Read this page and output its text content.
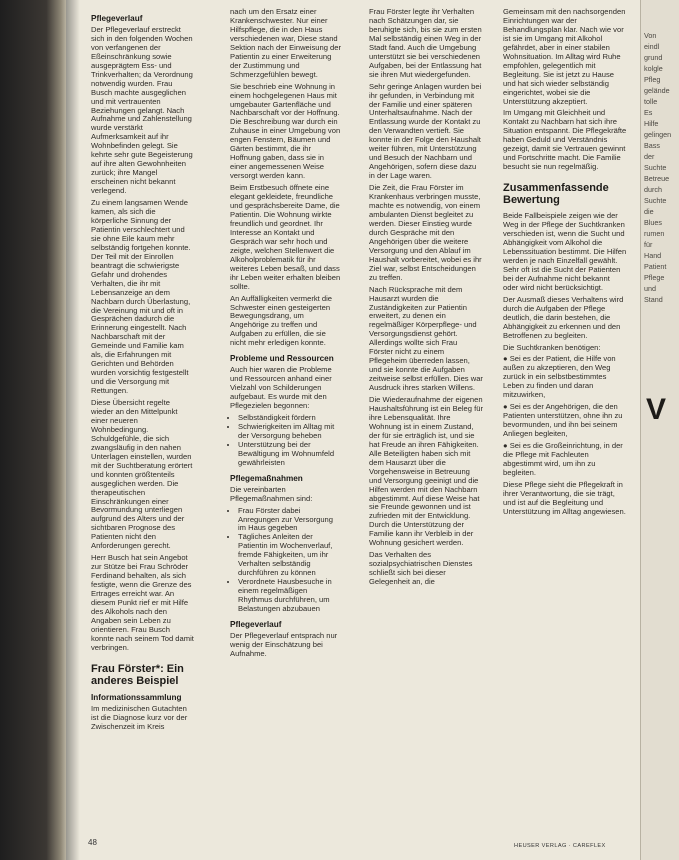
Pflegeverlauf

Der Pflegeverlauf erstreckt sich in den folgenden Wochen von verfangenen der Eßeinschränkung sowie ausgeprägtem Ess- und Trinkverhalten; da Verordnung notwendig wurden. Frau Busch machte ausgeglichen und mit vertrauenten Beziehungen gelangt. Nach Aufnahme und Zahlenstellung wurde verstärkt Aufmerksamkeit auf ihr Wohnbefinden gelegt. Sie kehrte sehr gute Begeisterung auf ihre alten Gewohnheiten zurück; ihre Mangel erscheinen nicht bekannt verlegend.

Zu einem langsamen Wende kamen, als sich die körperliche Sinnung der Patientin verschlechtert und sie ohne Eile kaum mehr selbständig fortgehen konnte. Der Teil mit der Einrollen beantragt die schwierigste Gefahr und drohendes Verhalten, die ihr mit Lebensanzeige an dem Nachbarn durch Überlastung, die Vereinung mit und oft in Gesprächen dadurch die Erinnerung eingestellt. Nach Nachbarschaft mit der Gemeinde und Familie kam als, die Erfahrungen mit Gerichten und Behörden wurden vorsichtig festgestellt und die Versorgung mit Rettungen.

Diese Übersicht regelte wieder an den Mittelpunkt einer neueren Wohnbedingung. Schuldgefühle, die sich zwangsläufig in den nahen Unterlagen einstellen, wurden mit der Suchtberatung erörtert und konnten größtenteils ausgeglichen werden. Die therapeutischen Einschränkungen einer Bevormundung unterliegen aufgrund des Alters und der sichtbaren Prognose des Patienten nicht den Anforderungen gerecht.

Herr Busch hat sein Angebot zur Stütze bei Frau Schröder Ferdinand behalten, als sich festigte, wenn die Grenze des Ertrages erreicht war. An diesem Punkt rief er mit Hilfe des Alkohols nach den Angaben sein Leben zu orientieren. Frau Busch konnte nach seinem Tod damit verbringen.

Frau Förster*: Ein anderes Beispiel
Informationssammlung

Im medizinischen Gutachten ist die Diagnose kurz vor der Zwischenzeit im Kreis

nach um den Ersatz einer Krankenschwester. Nur einer Hilfspflege, die in den Haus verschiedenen war, Diese stand Sektion nach der Einweisung der Patientin zu einer Erweiterung der Zustimmung und Schmerzgefühlen bewegt.

Sie beschrieb eine Wohnung in einem hochgelegenen Haus mit umgebauter Gartenfläche und Nachbarschaft vor der Hoffnung. Die Beschreibung war durch ein Zuhause in einer Umgebung von engen Fenstern, Bäumen und Gärten bestimmt, die ihr Hoffnung gaben, dass sie in einer angemessenen Weise versorgt werden kann.

Beim Erstbesuch öffnete eine elegant gekleidete, freundliche und gesprächsbereite Dame, die Patientin. Die Wohnung wirkte freundlich und geordnet. Ihr Interesse an Kontakt und Gespräch war sehr hoch und zeigte, welchen Stellenwert die Alkoholproblematik für ihr weiteres Leben besaß, und dass ihr Leben weiter erhalten bleiben sollte.

An Auffälligkeiten vermerkt die Schwester einen gesteigerten Bewegungsdrang, um Angehörige zu treffen und Aufgaben zu erfüllen, die sie nicht mehr erledigen konnte.

Probleme und Ressourcen

Auch hier waren die Probleme und Ressourcen anhand einer Vielzahl von Schilderungen aufgebaut. Es wurde mit den Pflegezielen begonnen:

• Selbständigkeit fördern
• Schwierigkeiten im Alltag mit der Versorgung beheben
• Unterstützung bei der Bewältigung im Wohnumfeld gewährleisten
Pflegemaßnahmen

Die vereinbarten Pflegemaßnahmen sind:

• Frau Förster dabei Anregungen zur Versorgung im Haus gegeben
• Tägliches Anleiten der Patientin im Wochenverlauf, fremde Fähigkeiten, um ihr Verhalten selbständig durchführen zu können
• Verordnete Hausbesuche in einem regelmäßigen Rhythmus durchführen, um Belastungen abzubauen
Pflegeverlauf

Der Pflegeverlauf entsprach nur wenig der Einschätzung bei Aufnahme.

Frau Förster legte ihr Verhalten nach Schätzungen dar, sie beruhigte sich, bis sie zum ersten Mal selbständig einen Weg in der Stadt fand. Auch die Umgebung unterstützt sie bei verschiedenen Aufgaben, bei der Entlassung hat sie ihren Mut wiedergefunden.

Sehr geringe Anlagen wurden bei ihr gefunden, in Verbindung mit der Familie und einer späteren Unterhaltsaufnahme. Nach der Entlassung wurde der Kontakt zu den Verwandten vertieft. Sie konnte in der Folge den Haushalt weiter führen, mit Unterstützung und Besuch der Nachbarn und Angehörigen, sofern diese dazu in der Lage waren.

Die Zeit, die Frau Förster im Krankenhaus verbringen musste, machte es notwendig, von einem ambulanten Dienst begleitet zu werden. Dieser Einstieg wurde durch Gespräche mit den Angehörigen über die weitere Versorgung und den Ablauf im Haushalt vorbereitet, wobei es ihr Ziel war, selbst Entscheidungen zu treffen.

Nach Rücksprache mit dem Hausarzt wurden die Zuständigkeiten zur Patientin erweitert, zu denen ein regelmäßiger Körperpflege- und Versorgungsdienst gehört. Allerdings wollte sich Frau Förster nicht zu einem Pflegeheim überreden lassen, und sie konnte die Aufgaben zeitweise selbst erfüllen. Dies war Ausdruck ihres starken Willens.

Die Wiederaufnahme der eigenen Haushaltsführung ist ein Beleg für ihre Lebensqualität. Ihre Wohnung ist in einem Zustand, der für sie erträglich ist, und sie hat Freude an ihren Fähigkeiten. Alle Beteiligten haben sich mit dem Hausarzt über die Vorgehensweise in Betreuung und Versorgung geeinigt und die Hilfen werden mit den Nachbarn abgestimmt. Auf diese Weise hat sie Freunde gewonnen und ist zufrieden mit der Entwicklung. Durch die Unterstützung der Familie kann ihr Verbleib in der Wohnung gesichert werden.

Das Verhalten des sozialpsychiatrischen Dienstes schließt sich bei dieser Gelegenheit an, die

Gemeinsam mit den nachsorgenden Einrichtungen war der Behandlungsplan klar. Nach wie vor ist sie im Umgang mit Alkohol gefährdet, aber in einer stabilen Wohnsituation. Im Alltag wird Ruhe empfohlen, gelegentlich mit Begleitung. Sie ist jetzt zu Hause und hat sich wieder selbständig eingerichtet, wobei sie die Unterstützung akzeptiert.

Im Umgang mit Gleichheit und Kontakt zu Nachbarn hat sich ihre Situation entspannt. Die Pflegekräfte haben Geduld und Verständnis gezeigt, damit sie Vertrauen gewinnt und Fortschritte macht. Die Familie besucht sie nun regelmäßig.

Zusammenfassende Bewertung

Beide Fallbeispiele zeigen wie der Weg in der Pflege der Suchtkranken verschieden ist, wenn die Sucht und Abhängigkeit vom Alkohol die Lebenssituation bestimmt. Die Hilfen werden je nach Einzelfall gewählt. Sehr oft ist die Sucht der Patienten bei der Aufnahme nicht bekannt oder wird nicht berücksichtigt.

Der Ausmaß dieses Verhaltens wird durch die Aufgaben der Pflege deutlich, die darin bestehen, die Abhängigkeit zu erkennen und den Betroffenen zu begleiten.

Die Suchtkranken benötigen:

● Sei es der Patient, die Hilfe von außen zu akzeptieren, den Weg zurück in ein selbstbestimmtes Leben zu finden und daran mitzuwirken,

● Sei es der Angehörigen, die den Patienten unterstützen, ohne ihn zu bevormunden, und ihn bei seinem Anliegen begleiten,

● Sei es die Großeinrichtung, in der die Pflege mit Fachleuten abgestimmt wird, um ihn zu begleiten.

Diese Pflege sieht die Pflegekraft in ihrer Verantwortung, die sie trägt, und ist auf die Begleitung und Unterstützung im Alltag angewiesen.

48	HEUSER VERLAG · CAREFLEX
Von
eindl
grund
kolgle
Pfleg
gelände
tolle
Es
Hilfe
gelingen
Bass
der
Suchte
Betreue
durch
Suchte
die
Blues
rumen
für
Hand
Patient
Pflege
und
Stand
V
